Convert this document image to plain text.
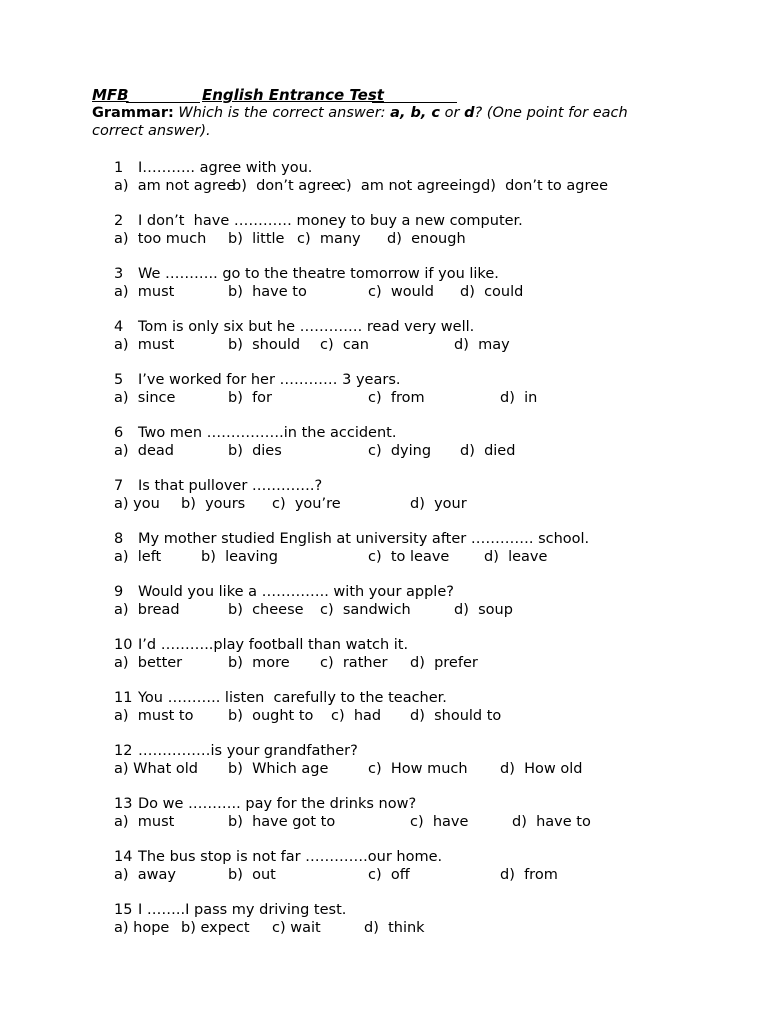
MFB	English Entrance Test
Grammar: Which is the correct answer: a, b, c or d? (One point for each correct answer).
1 I……….. agree with you.
a)  am not agree
b)  don’t agree
c)  am not agreeing d)  don’t to agree
2 I don’t  have ………… money to buy a new computer.
a)  too much b)  little c)  many d)  enough
3 We ……….. go to the theatre tomorrow if you like.
a)  must	b)  have to	c)  would d)  could
4 Tom is only six but he …………. read very well.
a)  must	b)  should c)  can	d)  may
5 I’ve worked for her ………… 3 years.
a)  since	b)  for	c)  from	d)  in
6 Two men …………….in the accident.
a)  dead	b)  dies	c)  dying d)  died
7 Is that pullover ………….?
a) you b)  yours c)  you’re	d)  your
8 My mother studied English at university after …………. school.
a)  left	b)  leaving	c)  to leave d)  leave
9 Would you like a ………….. with your apple?
a)  bread	b)  cheese c)  sandwich	d)  soup
10 I’d ………..play football than watch it.
a)  better	b)  more c)  rather d)  prefer
11 You ……….. listen  carefully to the teacher.
a)  must to b)  ought to c)  had d)  should to
12 ……………is your grandfather?
a) What old b)  Which age	c)  How much d)  How old
13 Do we ……….. pay for the drinks now?
a)  must	b)  have got to	c)  have	d)  have to
14 The bus stop is not far ………….our home.
a)  away	b)  out	c)  off	d)  from
15 I ……..I pass my driving test.
a) hope b) expect c) wait	d)  think
